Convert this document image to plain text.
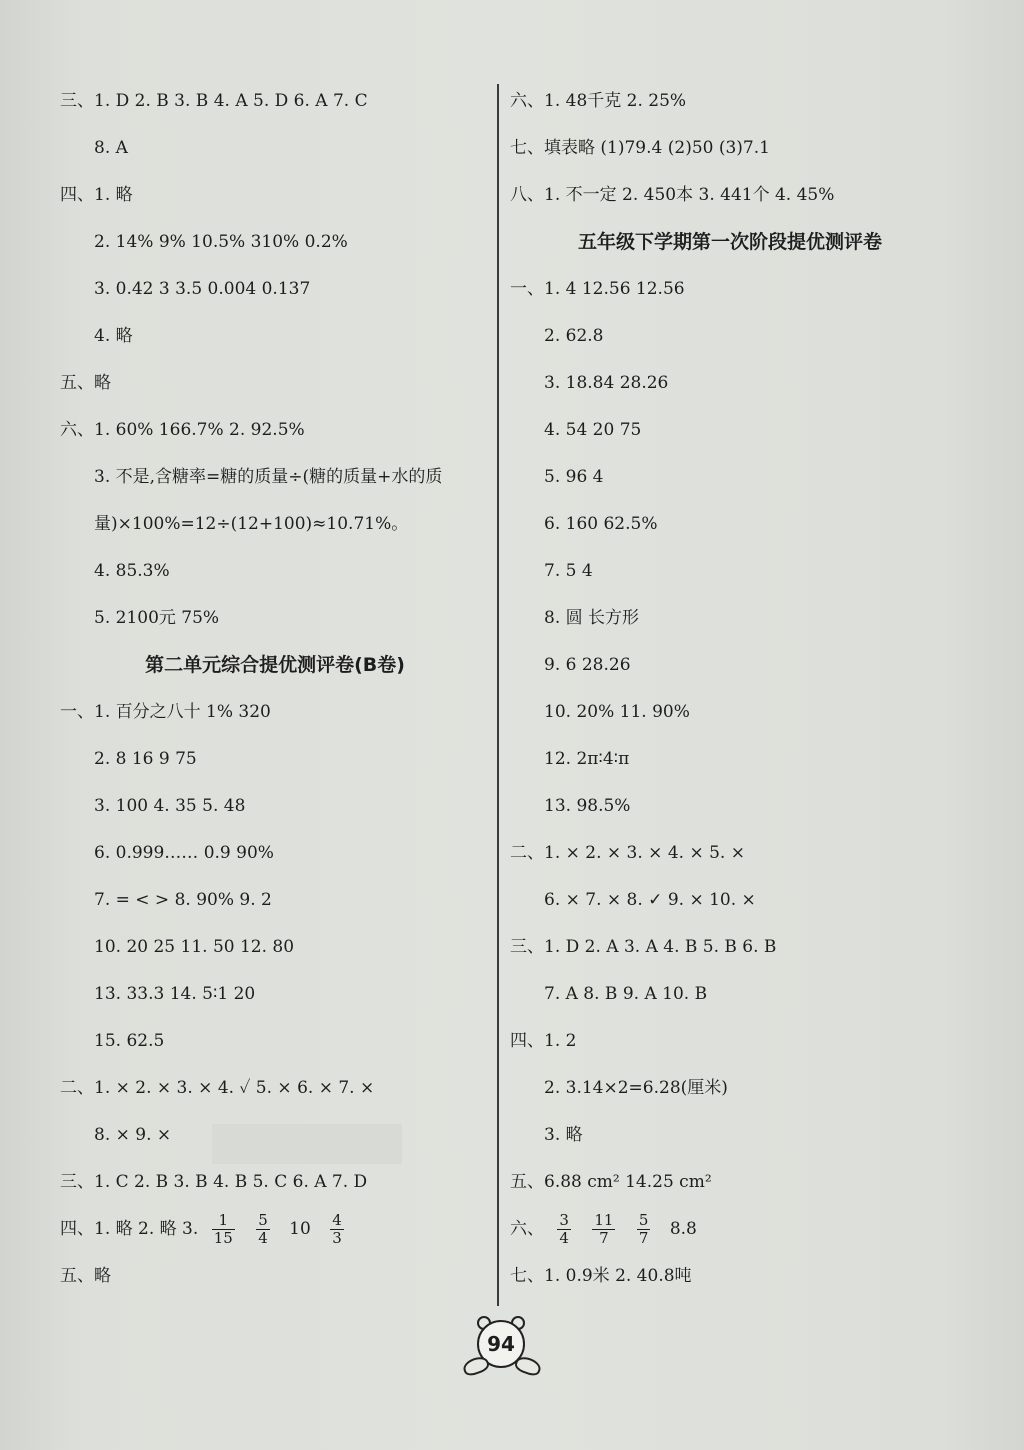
三、1. D 2. B 3. B 4. A 5. D 6. A 7. C
8. A
四、1. 略
2. 14% 9% 10.5% 310% 0.2%
3. 0.42 3 3.5 0.004 0.137
4. 略
五、略
六、1. 60% 166.7% 2. 92.5%
3. 不是,含糖率=糖的质量÷(糖的质量+水的质
量)×100%=12÷(12+100)≈10.71%。
4. 85.3%
5. 2100元 75%
第二单元综合提优测评卷(B卷)
一、1. 百分之八十 1% 320
2. 8 16 9 75
3. 100 4. 35 5. 48
6. 0.999…… 0.9 90%
7. = < > 8. 90% 9. 2
10. 20 25 11. 50 12. 80
13. 33.3 14. 5∶1 20
15. 62.5
二、1. × 2. × 3. × 4. ✓ 5. × 6. × 7. ×
8. × 9. ×
三、1. C 2. B 3. B 4. B 5. C 6. A 7. D
四、1. 略 2. 略 3. $\frac{1}{15}$
$\frac{5}{4} 10 \frac{4}{3}$
五、略
六、1. 48千克 2. 25%
七、填表略 (1)79.4 (2)50 (3)7.1
八、1. 不一定 2. 450本 3. 441个 4. 45%
五年级下学期第一次阶段提优测评卷
一、1. 4 12.56 12.56
2. 62.8
3. 18.84 28.26
4. 54 20 75
5. 96 4
6. 160 62.5%
7. 5 4
8. 圆 长方形
9. 6 28.26
10. 20% 11. 90%
12. 2π∶4∶π
13. 98.5%
二、1. × 2. × 3. × 4. × 5. ×
6. × 7. × 8. ✓ 9. × 10. ×
三、1. D 2. A 3. A 4. B 5. B 6. B
7. A 8. B 9. A 10. B
四、1. 2
2. 3.14×2=6.28(厘米)
3. 略
五、6.88 cm² 14.25 cm²
六、 $\frac{3}{4}$
$\frac{11}{7}$
$\frac{5}{7} 8.8$
七、1. 0.9米 2. 40.8吨
94
